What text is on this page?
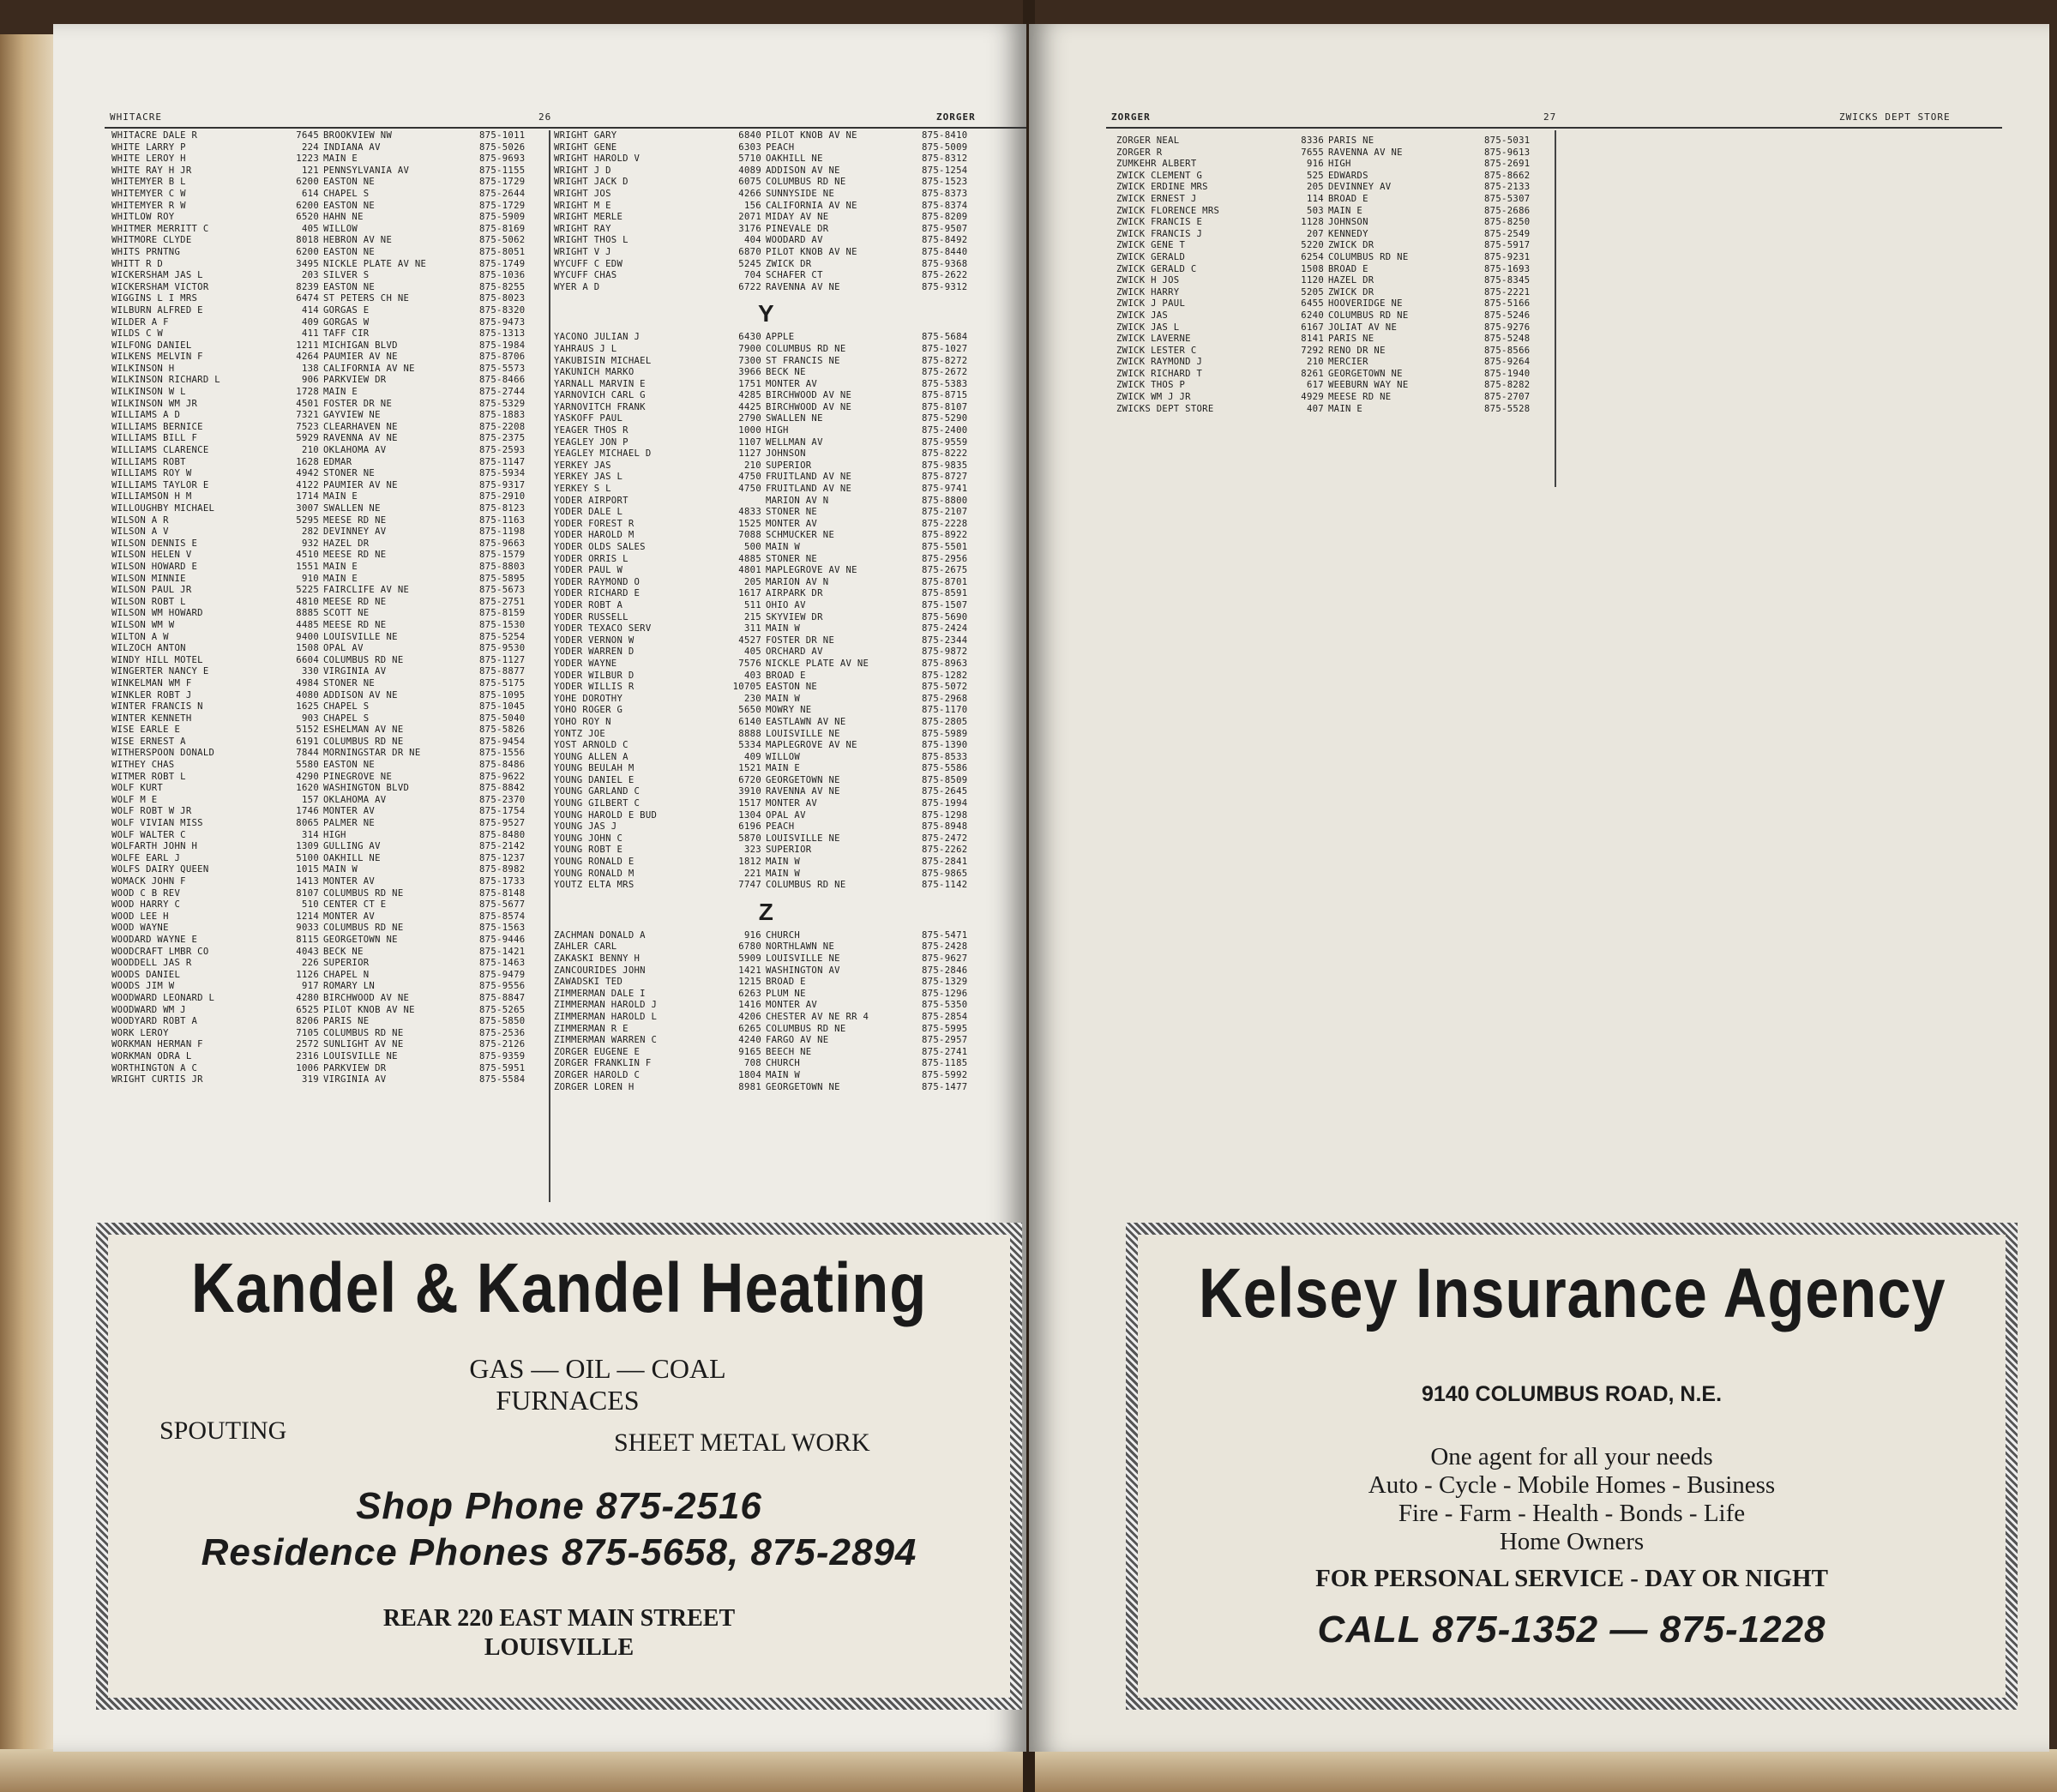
WHITACRE	26	ZORGER
WHITACRE DALE R	7645 BROOKVIEW NW	875-1011
WHITE LARRY P	224 INDIANA AV	875-5026
WHITE LEROY H	1223 MAIN E	875-9693
WHITE RAY H JR	121 PENNSYLVANIA AV	875-1155
WHITEMYER B L	6200 EASTON NE	875-1729
WHITEMYER C W	614 CHAPEL S	875-2644
WHITEMYER R W	6200 EASTON NE	875-1729
WHITLOW ROY	6520 HAHN NE	875-5909
WHITMER MERRITT C	405 WILLOW	875-8169
WHITMORE CLYDE	8018 HEBRON AV NE	875-5062
WHITS PRNTNG	6200 EASTON NE	875-8051
WHITT R D	3495 NICKLE PLATE AV NE	875-1749
WICKERSHAM JAS L	203 SILVER S	875-1036
WICKERSHAM VICTOR	8239 EASTON NE	875-8255
WIGGINS L I MRS	6474 ST PETERS CH NE	875-8023
WILBURN ALFRED E	414 GORGAS E	875-8320
WILDER A F	409 GORGAS W	875-9473
WILDS C W	411 TAFF CIR	875-1313
WILFONG DANIEL	1211 MICHIGAN BLVD	875-1984
WILKENS MELVIN F	4264 PAUMIER AV NE	875-8706
WILKINSON H	138 CALIFORNIA AV NE	875-5573
WILKINSON RICHARD L	906 PARKVIEW DR	875-8466
WILKINSON W L	1728 MAIN E	875-2744
WILKINSON WM JR	4501 FOSTER DR NE	875-5329
WILLIAMS A D	7321 GAYVIEW NE	875-1883
WILLIAMS BERNICE	7523 CLEARHAVEN NE	875-2208
WILLIAMS BILL F	5929 RAVENNA AV NE	875-2375
WILLIAMS CLARENCE	210 OKLAHOMA AV	875-2593
WILLIAMS ROBT	1628 EDMAR	875-1147
WILLIAMS ROY W	4942 STONER NE	875-5934
WILLIAMS TAYLOR E	4122 PAUMIER AV NE	875-9317
WILLIAMSON H M	1714 MAIN E	875-2910
WILLOUGHBY MICHAEL	3007 SWALLEN NE	875-8123
WILSON A R	5295 MEESE RD NE	875-1163
WILSON A V	282 DEVINNEY AV	875-1198
WILSON DENNIS E	932 HAZEL DR	875-9663
WILSON HELEN V	4510 MEESE RD NE	875-1579
WILSON HOWARD E	1551 MAIN E	875-8803
WILSON MINNIE	910 MAIN E	875-5895
WILSON PAUL JR	5225 FAIRCLIFE AV NE	875-5673
WILSON ROBT L	4810 MEESE RD NE	875-2751
WILSON WM HOWARD	8885 SCOTT NE	875-8159
WILSON WM W	4485 MEESE RD NE	875-1530
WILTON A W	9400 LOUISVILLE NE	875-5254
WILZOCH ANTON	1508 OPAL AV	875-9530
WINDY HILL MOTEL	6604 COLUMBUS RD NE	875-1127
WINGERTER NANCY E	330 VIRGINIA AV	875-8877
WINKELMAN WM F	4984 STONER NE	875-5175
WINKLER ROBT J	4080 ADDISON AV NE	875-1095
WINTER FRANCIS N	1625 CHAPEL S	875-1045
WINTER KENNETH	903 CHAPEL S	875-5040
WISE EARLE E	5152 ESHELMAN AV NE	875-5826
WISE ERNEST A	6191 COLUMBUS RD NE	875-9454
WITHERSPOON DONALD	7844 MORNINGSTAR DR NE	875-1556
WITHEY CHAS	5580 EASTON NE	875-8486
WITMER ROBT L	4290 PINEGROVE NE	875-9622
WOLF KURT	1620 WASHINGTON BLVD	875-8842
WOLF M E	157 OKLAHOMA AV	875-2370
WOLF ROBT W JR	1746 MONTER AV	875-1754
WOLF VIVIAN MISS	8065 PALMER NE	875-9527
WOLF WALTER C	314 HIGH	875-8480
WOLFARTH JOHN H	1309 GULLING AV	875-2142
WOLFE EARL J	5100 OAKHILL NE	875-1237
WOLFS DAIRY QUEEN	1015 MAIN W	875-8982
WOMACK JOHN F	1413 MONTER AV	875-1733
WOOD C B REV	8107 COLUMBUS RD NE	875-8148
WOOD HARRY C	510 CENTER CT E	875-5677
WOOD LEE H	1214 MONTER AV	875-8574
WOOD WAYNE	9033 COLUMBUS RD NE	875-1563
WOODARD WAYNE E	8115 GEORGETOWN NE	875-9446
WOODCRAFT LMBR CO	4043 BECK NE	875-1421
WOODDELL JAS R	226 SUPERIOR	875-1463
WOODS DANIEL	1126 CHAPEL N	875-9479
WOODS JIM W	917 ROMARY LN	875-9556
WOODWARD LEONARD L	4280 BIRCHWOOD AV NE	875-8847
WOODWARD WM J	6525 PILOT KNOB AV NE	875-5265
WOODYARD ROBT A	8206 PARIS NE	875-5850
WORK LEROY	7105 COLUMBUS RD NE	875-2536
WORKMAN HERMAN F	2572 SUNLIGHT AV NE	875-2126
WORKMAN ODRA L	2316 LOUISVILLE NE	875-9359
WORTHINGTON A C	1006 PARKVIEW DR	875-5951
WRIGHT CURTIS JR	319 VIRGINIA AV	875-5584
WRIGHT GARY	6840 PILOT KNOB AV NE	875-8410
WRIGHT GENE	6303 PEACH	875-5009
WRIGHT HAROLD V	5710 OAKHILL NE	875-8312
WRIGHT J D	4089 ADDISON AV NE	875-1254
WRIGHT JACK D	6075 COLUMBUS RD NE	875-1523
WRIGHT JOS	4266 SUNNYSIDE NE	875-8373
WRIGHT M E	156 CALIFORNIA AV NE	875-8374
WRIGHT MERLE	2071 MIDAY AV NE	875-8209
WRIGHT RAY	3176 PINEVALE DR	875-9507
WRIGHT THOS L	404 WOODARD AV	875-8492
WRIGHT V J	6870 PILOT KNOB AV NE	875-8440
WYCUFF C EDW	5245 ZWICK DR	875-9368
WYCUFF CHAS	704 SCHAFER CT	875-2622
WYER A D	6722 RAVENNA AV NE	875-9312
Y
YACONO JULIAN J	6430 APPLE	875-5684
YAHRAUS J L	7900 COLUMBUS RD NE	875-1027
YAKUBISIN MICHAEL	7300 ST FRANCIS NE	875-8272
YAKUNICH MARKO	3966 BECK NE	875-2672
YARNALL MARVIN E	1751 MONTER AV	875-5383
YARNOVICH CARL G	4285 BIRCHWOOD AV NE	875-8715
YARNOVITCH FRANK	4425 BIRCHWOOD AV NE	875-8107
YASKOFF PAUL	2790 SWALLEN NE	875-5290
YEAGER THOS R	1000 HIGH	875-2400
YEAGLEY JON P	1107 WELLMAN AV	875-9559
YEAGLEY MICHAEL D	1127 JOHNSON	875-8222
YERKEY JAS	210 SUPERIOR	875-9835
YERKEY JAS L	4750 FRUITLAND AV NE	875-8727
YERKEY S L	4750 FRUITLAND AV NE	875-9741
YODER AIRPORT	MARION AV N	875-8800
YODER DALE L	4833 STONER NE	875-2107
YODER FOREST R	1525 MONTER AV	875-2228
YODER HAROLD M	7088 SCHMUCKER NE	875-8922
YODER OLDS SALES	500 MAIN W	875-5501
YODER ORRIS L	4885 STONER NE	875-2956
YODER PAUL W	4801 MAPLEGROVE AV NE	875-2675
YODER RAYMOND O	205 MARION AV N	875-8701
YODER RICHARD E	1617 AIRPARK DR	875-8591
YODER ROBT A	511 OHIO AV	875-1507
YODER RUSSELL	215 SKYVIEW DR	875-5690
YODER TEXACO SERV	311 MAIN W	875-2424
YODER VERNON W	4527 FOSTER DR NE	875-2344
YODER WARREN D	405 ORCHARD AV	875-9872
YODER WAYNE	7576 NICKLE PLATE AV NE	875-8963
YODER WILBUR D	403 BROAD E	875-1282
YODER WILLIS R	10705 EASTON NE	875-5072
YOHE DOROTHY	230 MAIN W	875-2968
YOHO ROGER G	5650 MOWRY NE	875-1170
YOHO ROY N	6140 EASTLAWN AV NE	875-2805
YONTZ JOE	8888 LOUISVILLE NE	875-5989
YOST ARNOLD C	5334 MAPLEGROVE AV NE	875-1390
YOUNG ALLEN A	409 WILLOW	875-8533
YOUNG BEULAH M	1521 MAIN E	875-5586
YOUNG DANIEL E	6720 GEORGETOWN NE	875-8509
YOUNG GARLAND C	3910 RAVENNA AV NE	875-2645
YOUNG GILBERT C	1517 MONTER AV	875-1994
YOUNG HAROLD E BUD	1304 OPAL AV	875-1298
YOUNG JAS J	6196 PEACH	875-8948
YOUNG JOHN C	5870 LOUISVILLE NE	875-2472
YOUNG ROBT E	323 SUPERIOR	875-2262
YOUNG RONALD E	1812 MAIN W	875-2841
YOUNG RONALD M	221 MAIN W	875-9865
YOUTZ ELTA MRS	7747 COLUMBUS RD NE	875-1142
Z
ZACHMAN DONALD A	916 CHURCH	875-5471
ZAHLER CARL	6780 NORTHLAWN NE	875-2428
ZAKASKI BENNY H	5909 LOUISVILLE NE	875-9627
ZANCOURIDES JOHN	1421 WASHINGTON AV	875-2846
ZAWADSKI TED	1215 BROAD E	875-1329
ZIMMERMAN DALE I	6263 PLUM NE	875-1296
ZIMMERMAN HAROLD J	1416 MONTER AV	875-5350
ZIMMERMAN HAROLD L	4206 CHESTER AV NE RR 4	875-2854
ZIMMERMAN R E	6265 COLUMBUS RD NE	875-5995
ZIMMERMAN WARREN C	4240 FARGO AV NE	875-2957
ZORGER EUGENE E	9165 BEECH NE	875-2741
ZORGER FRANKLIN F	708 CHURCH	875-1185
ZORGER HAROLD C	1804 MAIN W	875-5992
ZORGER LOREN H	8981 GEORGETOWN NE	875-1477
Kandel & Kandel Heating
GAS — OIL — COAL
FURNACES
SPOUTING	SHEET METAL WORK
Shop Phone 875-2516
Residence Phones 875-5658, 875-2894
REAR 220 EAST MAIN STREET
LOUISVILLE
ZORGER	27	ZWICKS DEPT STORE
ZORGER NEAL	8336 PARIS NE	875-5031
ZORGER R	7655 RAVENNA AV NE	875-9613
ZUMKEHR ALBERT	916 HIGH	875-2691
ZWICK CLEMENT G	525 EDWARDS	875-8662
ZWICK ERDINE MRS	205 DEVINNEY AV	875-2133
ZWICK ERNEST J	114 BROAD E	875-5307
ZWICK FLORENCE MRS	503 MAIN E	875-2686
ZWICK FRANCIS E	1128 JOHNSON	875-8250
ZWICK FRANCIS J	207 KENNEDY	875-2549
ZWICK GENE T	5220 ZWICK DR	875-5917
ZWICK GERALD	6254 COLUMBUS RD NE	875-9231
ZWICK GERALD C	1508 BROAD E	875-1693
ZWICK H JOS	1120 HAZEL DR	875-8345
ZWICK HARRY	5205 ZWICK DR	875-2221
ZWICK J PAUL	6455 HOOVERIDGE NE	875-5166
ZWICK JAS	6240 COLUMBUS RD NE	875-5246
ZWICK JAS L	6167 JOLIAT AV NE	875-9276
ZWICK LAVERNE	8141 PARIS NE	875-5248
ZWICK LESTER C	7292 RENO DR NE	875-8566
ZWICK RAYMOND J	210 MERCIER	875-9264
ZWICK RICHARD T	8261 GEORGETOWN NE	875-1940
ZWICK THOS P	617 WEEBURN WAY NE	875-8282
ZWICK WM J JR	4929 MEESE RD NE	875-2707
ZWICKS DEPT STORE	407 MAIN E	875-5528
Kelsey Insurance Agency
9140 COLUMBUS ROAD, N.E.
One agent for all your needs
Auto - Cycle - Mobile Homes - Business
Fire - Farm - Health - Bonds - Life
Home Owners
FOR PERSONAL SERVICE - DAY OR NIGHT
CALL 875-1352 — 875-1228
